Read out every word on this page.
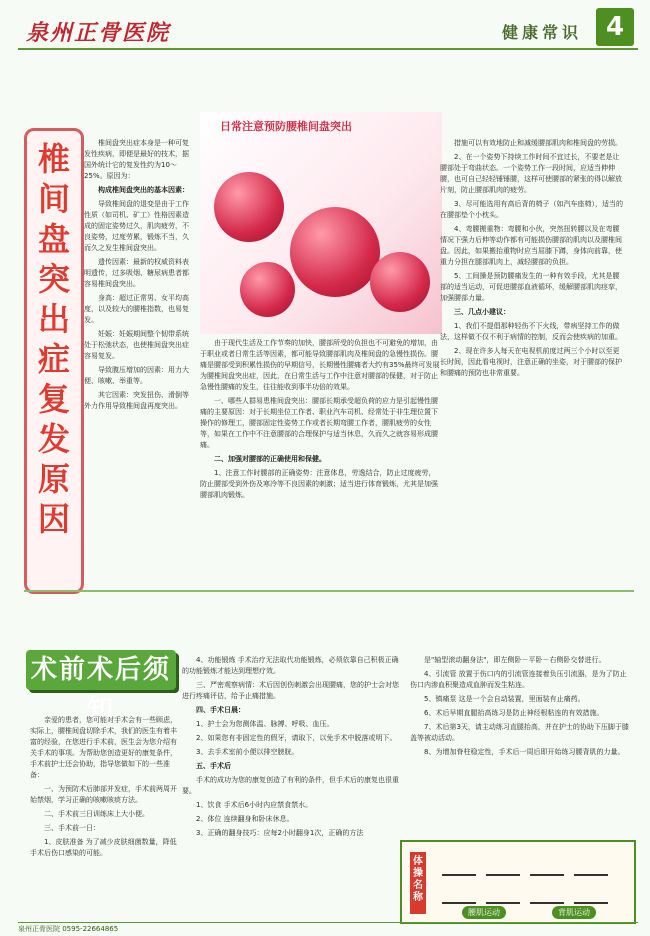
泉州正骨医院	健康常识 4
椎间盘突出症复发原因

椎间盘突出症本身是一种可复发性疾病，即便是最好的技术，据国外统计它的复发性约为10～25%。原因为：

构成椎间盘突出的基本因素：

导致椎间盘的退变是由于工作性质（如司机、矿工）性格因素造成的固定姿势过久，肌肉疲劳，不良姿势，过度劳累，锻炼不当，久而久之发生椎间盘突出。

遗传因素：最新的权威资料表明遗传，过多吸烟、糖尿病患者都容易椎间盘突出。

身高：超过正常男、女平均高度，以及较大的腰椎指数，也易复发。

妊娠：妊娠期间整个韧带系统处于松弛状态，也使椎间盘突出症容易复发。

导致腹压增加的因素：用力大便、咳嗽、举重等。

其它因素：突发扭伤、滑倒等外力作用导致椎间盘再度突出。

日常注意预防腰椎间盘突出

由于现代生活及工作节奏的加快，腰部所受的负担也不可避免的增加，由于职业或者日常生活等因素，都可能导致腰部肌肉及椎间盘的急慢性损伤。腰痛是腰部受到积累性损伤的早期信号，长期慢性腰痛者大约有35%最终可发展为腰椎间盘突出症，因此，在日常生活与工作中注意对腰部的保健，对于防止急慢性腰痛的发生，往往能收到事半功倍的效果。

一、哪些人群易患椎间盘突出：腰部长期承受超负荷的应力是引起慢性腰痛的主要原因：对于长期坐位工作者、职业汽车司机、经常处于非生理位置下操作的修理工，腰部固定性姿势工作或者长期弯腰工作者，腰肌疲劳的女性等，如果在工作中不注意腰部的合理保护与适当休息，久而久之就容易形成腰痛。

二、加强对腰部的正确使用和保健。

1、注意工作时腰部的正确姿势：注意体息，劳逸结合，防止过度疲劳，防止腰部受到外伤及寒冷等不良因素的刺激；适当进行体育锻炼，尤其是加强腰部肌肉锻炼。

措施可以有效地防止和减缓腰部肌肉和椎间盘的劳损。

2、在一个姿势下持续工作时间不宜过长，不要老是让腰部处于弯曲状态。一个姿势工作一段时间，应适当伸伸腰，也可自己轻轻锤锤腰，这样可使腰部的紧张的得以解放片刻，防止腰部肌肉的疲劳。

3、尽可能选用有高后背的椅子（如汽车座椅），适当的在腰部垫个小枕头。

4、弯腰搬重物：弯腰和小伙，突然扭转腰以及在弯腰情况下强力后伸等动作都有可能损伤腰部的肌肉以及腰椎间盘。因此，如果搬抬重物时应当屈膝下蹲，身体向前靠，使重力分担在腿部肌肉上，减轻腰部的负担。

5、工间操是预防腰痛发生的一种有效手段，尤其是腰部的适当运动，可促进腰部血液循环，缓解腰部肌肉痉挛，加强腰部力量。

三、几点小建议：

1、我们不提倡那种轻伤不下火线，带病坚持工作的做法，这样做不仅不利于病情的控制，反而会使疾病的加重。

2、现在许多人每天在电视机前度过两三个小时以至更长时间，因此看电视时，注意正确的坐姿，对于腰部的保护和腰痛的预防也非常重要。

术前术后须知

亲爱的患者，您可能对手术会有一些顾虑，实际上，腰椎间盘切除手术，我们的医生有着丰富的经验，在您进行手术前，医生会为您介绍有关手术的事项。为帮助您创造更好的康复条件，手术前护士还会协助，指导您做如下的一些准备：

一、为预防术后肺部并发症，手术前两周开始禁烟，学习正确的咳嗽咳痰方法。

二、手术前三日训练床上大小便。

三、手术前一日：

1、皮肤准备 为了减少皮肤细菌数量，降低手术后伤口感染的可能。

4、功能锻炼 手术治疗无法取代功能锻炼，必须依靠自己积极正确的功能锻炼才能达到理想疗效。

三、严密观察病情：术后因创伤刺激会出现腰痛，您的护士会对您进行疼痛评估，给予止痛措施。

四、手术日晨：

1、护士会为您测体温、脉搏、呼吸、血压。

2、如果您有非固定性的假牙，请取下，以免手术中脱落或明下。

3、去手术室前小便以排空膀胱。

五、手术后

手术的成功为您的康复创造了有利的条件，但手术后的康复也很重要。

1、饮食 手术后6小时内应禁食禁水。

2、体位 连续翻身和卧床休息。

3、正确的翻身技巧：应每2小时翻身1次，正确的方法

是"轴型滚动翻身法"，即左侧卧－平卧－右侧卧交替进行。

4、引流管 放置于伤口内的引流管连接着负压引流器，是为了防止伤口内渗血积聚造成血肿而发生粘连。

5、镇痛泵 这是一个会自动装置，里面装有止痛药。

6、术后早期直腿抬高练习是防止神经根粘连的有效措施。

7、术后第3天，请主动练习直腿抬高，并在护士的协助下压脚于膝盖等被动活动。

8、为增加脊柱稳定性，手术后一周后即开始练习腰背肌的力量。

体操名称
腰肌运动	背肌运动
泉州正骨医院 0595-22664865
